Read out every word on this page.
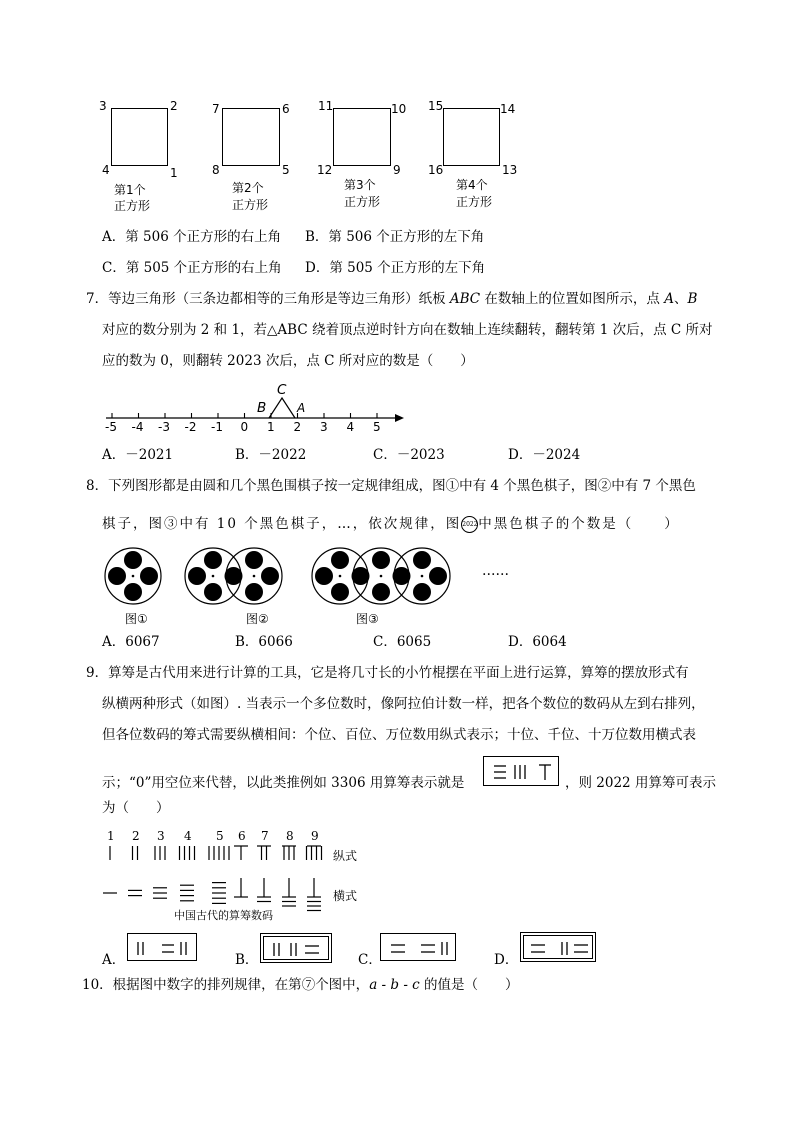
3	2
4	1
第1个
正方形
7	6
8	5
第2个
正方形
11	10
12	9
第3个
正方形
15	14
16	13
第4个
正方形
A．第 506 个正方形的右上角 B．第 506 个正方形的左下角
C．第 505 个正方形的右上角 D．第 505 个正方形的左下角
7．等边三角形（三条边都相等的三角形是等边三角形）纸板 ABC 在数轴上的位置如图所示，点 A、B
对应的数分别为 2 和 1，若△ABC 绕着顶点逆时针方向在数轴上连续翻转，翻转第 1 次后，点 C 所对
应的数为 0，则翻转 2023 次后，点 C 所对应的数是（　　）
C
B	A
-5 -4 -3 -2 -1 0 1 2 3 4 5
A．－2021	B．－2022	C．－2023	D．－2024
8．下列图形都是由圆和几个黑色围棋子按一定规律组成，图①中有 4 个黑色棋子，图②中有 7 个黑色
棋子，图③中有 10 个黑色棋子，…，依次规律，图2022中黑色棋子的个数是（　　）
图①	图②	图③
……
A．6067	B．6066	C．6065	D．6064
9．算筹是古代用来进行计算的工具，它是将几寸长的小竹棍摆在平面上进行运算，算筹的摆放形式有
纵横两种形式（如图）. 当表示一个多位数时，像阿拉伯计数一样，把各个数位的数码从左到右排列，
但各位数码的筹式需要纵横相间：个位、百位、万位数用纵式表示；十位、千位、十万位数用横式表
示；“0”用空位来代替，以此类推例如 3306 用算筹表示就是	，则 2022 用算筹可表示
为（　　）
1 2 3 4 5 6 7 8 9
纵式
横式
中国古代的算筹数码
A．	B．	C．	D．
10．根据图中数字的排列规律，在第⑦个图中，a - b - c 的值是（　　）
